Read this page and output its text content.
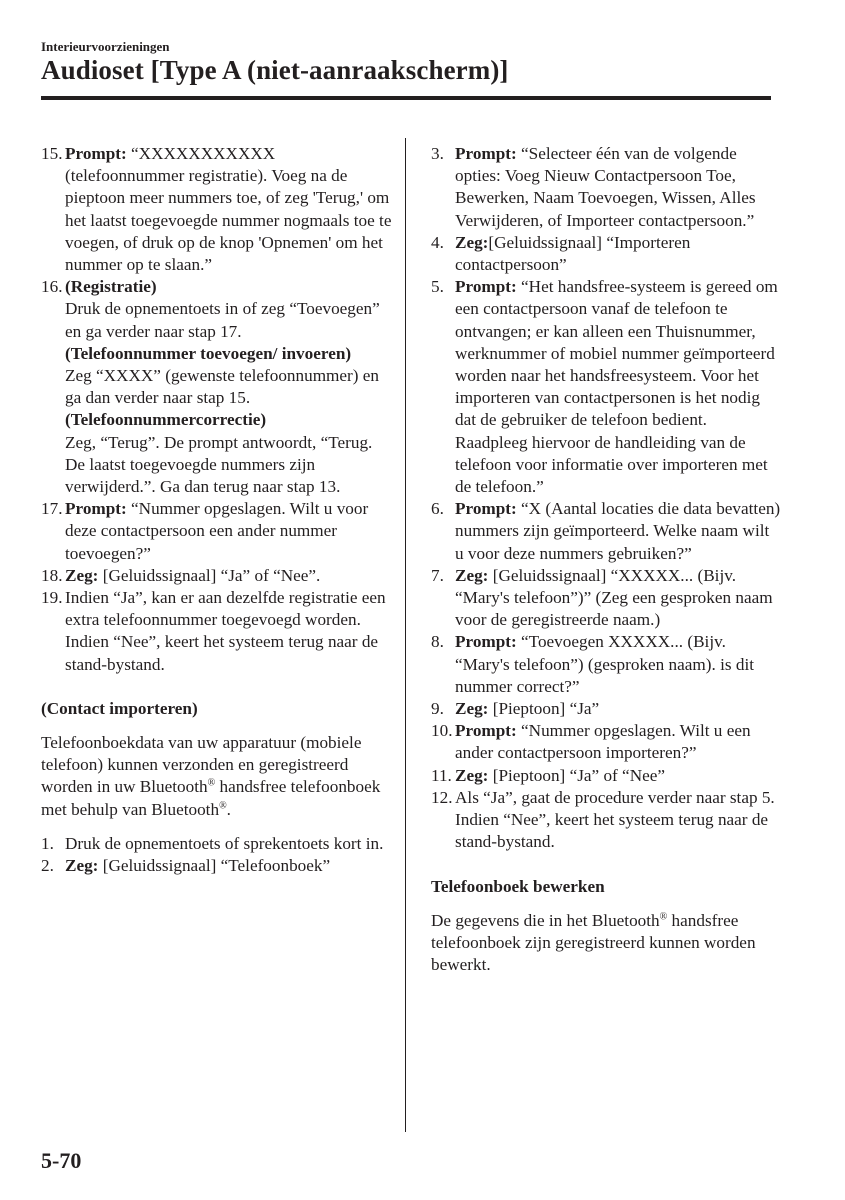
Interieurvoorzieningen
Audioset [Type A (niet-aanraakscherm)]
15. Prompt: “XXXXXXXXXXX (telefoonnummer registratie). Voeg na de pieptoon meer nummers toe, of zeg 'Terug,' om het laatst toegevoegde nummer nogmaals toe te voegen, of druk op de knop 'Opnemen' om het nummer op te slaan.”
16. (Registratie)
Druk de opnementoets in of zeg “Toevoegen” en ga verder naar stap 17.
(Telefoonnummer toevoegen/ invoeren)
Zeg “XXXX” (gewenste telefoonnummer) en ga dan verder naar stap 15.
(Telefoonnummercorrectie)
Zeg, “Terug”. De prompt antwoordt, “Terug. De laatst toegevoegde nummers zijn verwijderd.”. Ga dan terug naar stap 13.
17. Prompt: “Nummer opgeslagen. Wilt u voor deze contactpersoon een ander nummer toevoegen?”
18. Zeg: [Geluidssignaal] “Ja” of “Nee”.
19. Indien “Ja”, kan er aan dezelfde registratie een extra telefoonnummer toegevoegd worden.
Indien “Nee”, keert het systeem terug naar de stand-bystand.
(Contact importeren)
Telefoonboekdata van uw apparatuur (mobiele telefoon) kunnen verzonden en geregistreerd worden in uw Bluetooth® handsfree telefoonboek met behulp van Bluetooth®.
1. Druk de opnementoets of sprekentoets kort in.
2. Zeg: [Geluidssignaal] “Telefoonboek”
3. Prompt: “Selecteer één van de volgende opties: Voeg Nieuw Contactpersoon Toe, Bewerken, Naam Toevoegen, Wissen, Alles Verwijderen, of Importeer contactpersoon.”
4. Zeg:[Geluidssignaal] “Importeren contactpersoon”
5. Prompt: “Het handsfree-systeem is gereed om een contactpersoon vanaf de telefoon te ontvangen; er kan alleen een Thuisnummer, werknummer of mobiel nummer geïmporteerd worden naar het handsfreesysteem. Voor het importeren van contactpersonen is het nodig dat de gebruiker de telefoon bedient. Raadpleeg hiervoor de handleiding van de telefoon voor informatie over importeren met de telefoon.”
6. Prompt: “X (Aantal locaties die data bevatten) nummers zijn geïmporteerd. Welke naam wilt u voor deze nummers gebruiken?”
7. Zeg: [Geluidssignaal] “XXXXX... (Bijv. “Mary's telefoon”)” (Zeg een gesproken naam voor de geregistreerde naam.)
8. Prompt: “Toevoegen XXXXX... (Bijv. “Mary's telefoon”) (gesproken naam). is dit nummer correct?”
9. Zeg: [Pieptoon] “Ja”
10. Prompt: “Nummer opgeslagen. Wilt u een ander contactpersoon importeren?”
11. Zeg: [Pieptoon] “Ja” of “Nee”
12. Als “Ja”, gaat de procedure verder naar stap 5.
Indien “Nee”, keert het systeem terug naar de stand-bystand.
Telefoonboek bewerken
De gegevens die in het Bluetooth® handsfree telefoonboek zijn geregistreerd kunnen worden bewerkt.
5-70
